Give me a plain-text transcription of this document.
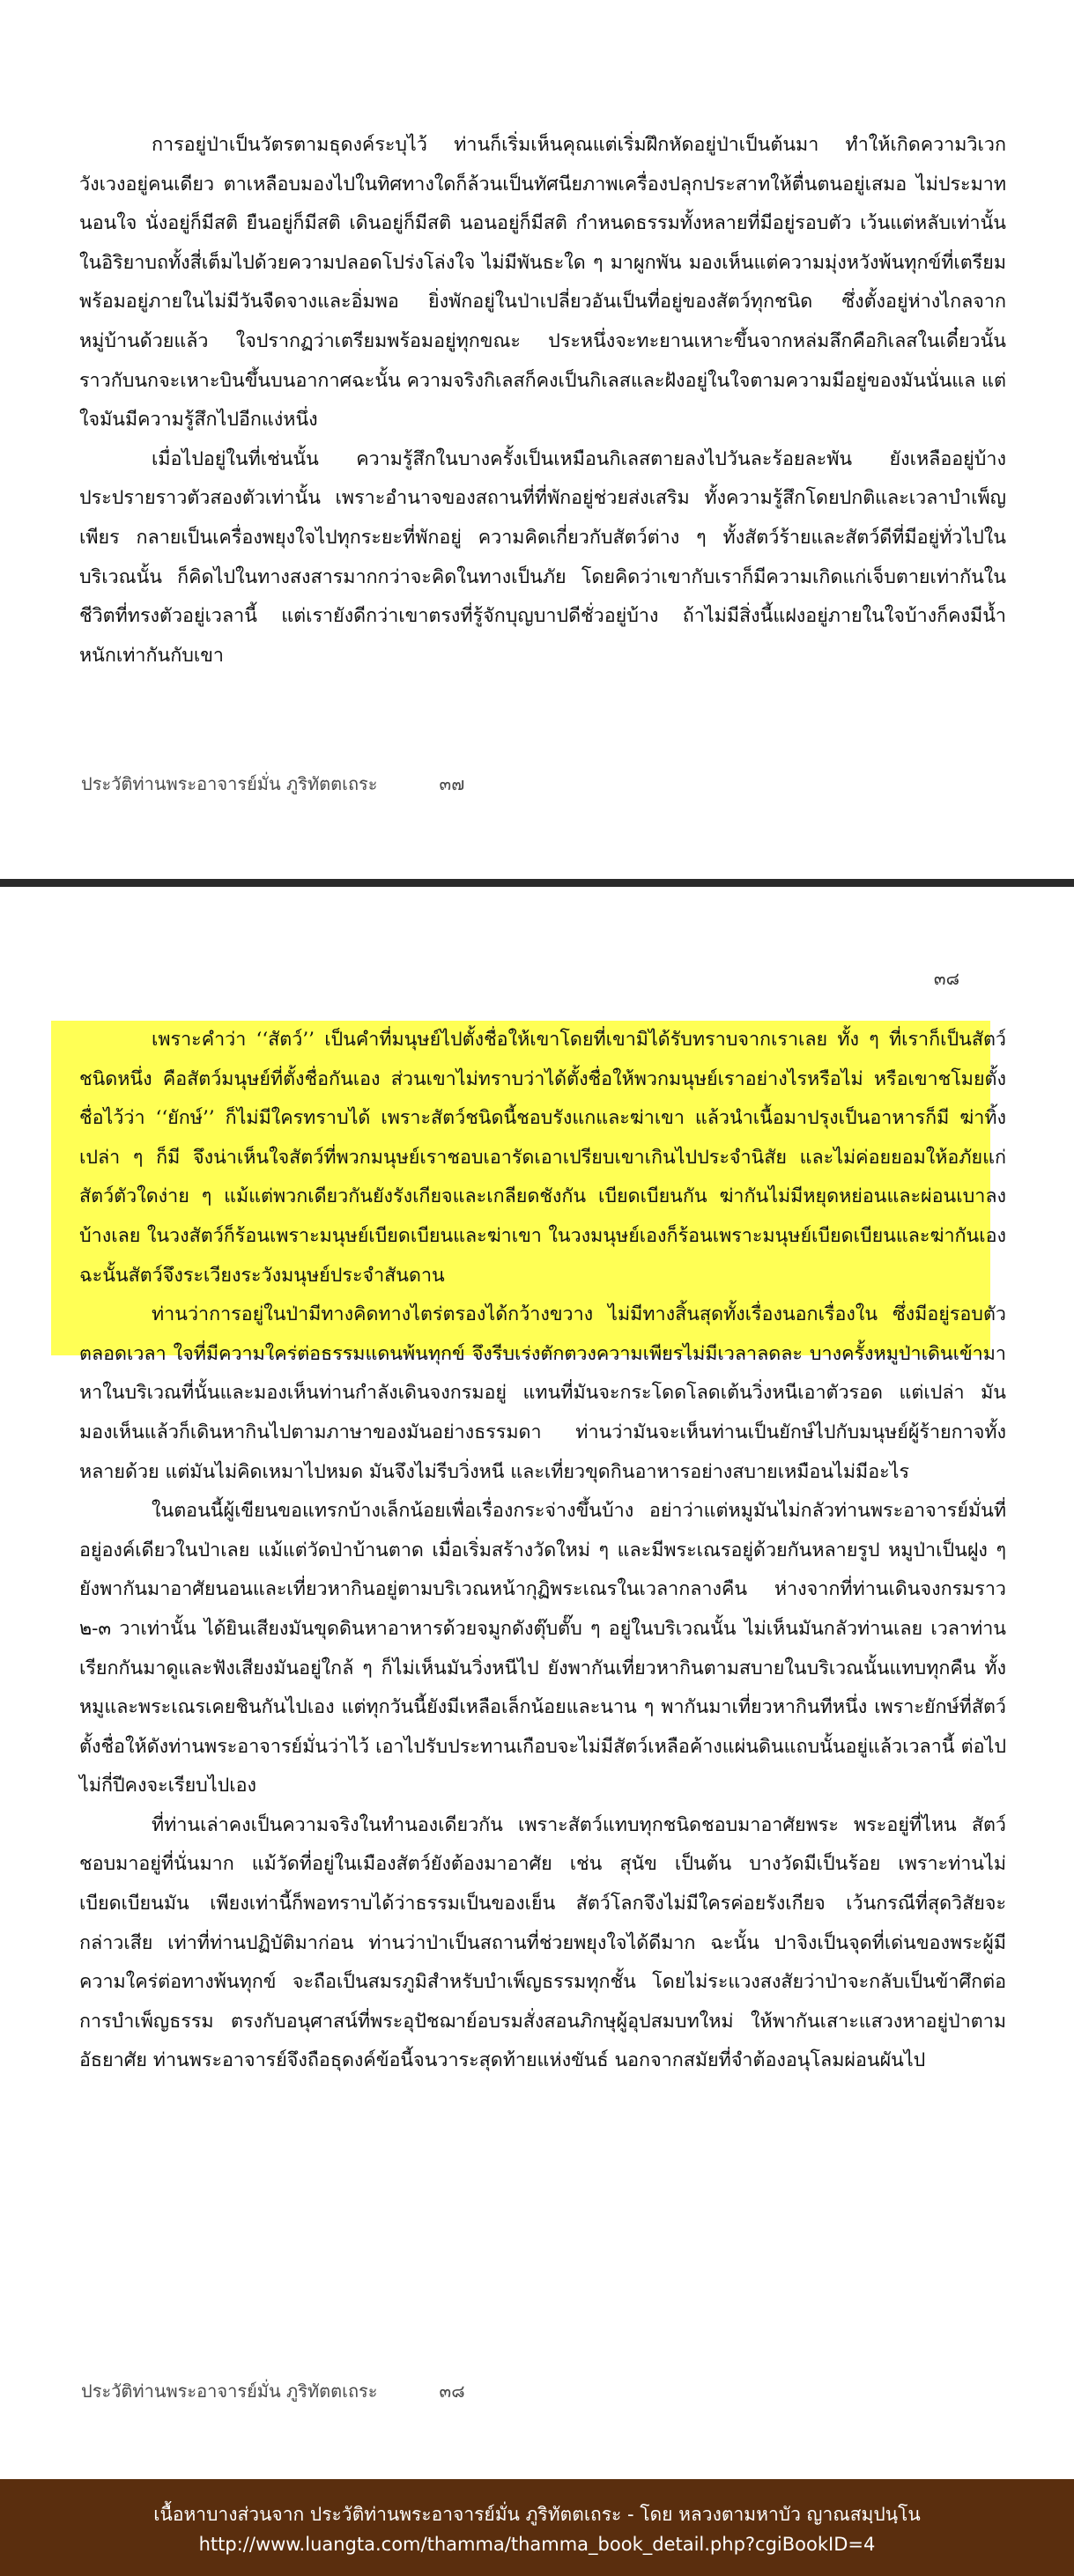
การอยู่ป่าเป็นวัตรตามธุดงค์ระบุไว้ ท่านก็เริ่มเห็นคุณแต่เริ่มฝึกหัดอยู่ป่าเป็นต้นมา ทำให้เกิดความวิเวกวังเวงอยู่คนเดียว ตาเหลือบมองไปในทิศทางใดก็ล้วนเป็นทัศนียภาพเครื่องปลุกประสาทให้ตื่นตนอยู่เสมอ ไม่ประมาทนอนใจ นั่งอยู่ก็มีสติ ยืนอยู่ก็มีสติ เดินอยู่ก็มีสติ นอนอยู่ก็มีสติ กำหนดธรรมทั้งหลายที่มีอยู่รอบตัว เว้นแต่หลับเท่านั้น ในอิริยาบถทั้งสี่เต็มไปด้วยความปลอดโปร่งโล่งใจ ไม่มีพันธะใด ๆ มาผูกพัน มองเห็นแต่ความมุ่งหวังพ้นทุกข์ที่เตรียมพร้อมอยู่ภายในไม่มีวันจืดจางและอิ่มพอ ยิ่งพักอยู่ในป่าเปลี่ยวอันเป็นที่อยู่ของสัตว์ทุกชนิด ซึ่งตั้งอยู่ห่างไกลจากหมู่บ้านด้วยแล้ว ใจปรากฏว่าเตรียมพร้อมอยู่ทุกขณะ ประหนึ่งจะทะยานเหาะขึ้นจากหล่มลึกคือกิเลสในเดี๋ยวนั้น ราวกับนกจะเหาะบินขึ้นบนอากาศฉะนั้น ความจริงกิเลสก็คงเป็นกิเลสและฝังอยู่ในใจตามความมีอยู่ของมันนั่นแล แต่ใจมันมีความรู้สึกไปอีกแง่หนึ่ง

เมื่อไปอยู่ในที่เช่นนั้น ความรู้สึกในบางครั้งเป็นเหมือนกิเลสตายลงไปวันละร้อยละพัน ยังเหลืออยู่บ้างประปรายราวตัวสองตัวเท่านั้น เพราะอำนาจของสถานที่ที่พักอยู่ช่วยส่งเสริม ทั้งความรู้สึกโดยปกติและเวลาบำเพ็ญเพียร กลายเป็นเครื่องพยุงใจไปทุกระยะที่พักอยู่ ความคิดเกี่ยวกับสัตว์ต่าง ๆ ทั้งสัตว์ร้ายและสัตว์ดีที่มีอยู่ทั่วไปในบริเวณนั้น ก็คิดไปในทางสงสารมากกว่าจะคิดในทางเป็นภัย โดยคิดว่าเขากับเราก็มีความเกิดแก่เจ็บตายเท่ากันในชีวิตที่ทรงตัวอยู่เวลานี้ แต่เรายังดีกว่าเขาตรงที่รู้จักบุญบาปดีชั่วอยู่บ้าง ถ้าไม่มีสิ่งนี้แฝงอยู่ภายในใจบ้างก็คงมีน้ำหนักเท่ากันกับเขา

ประวัติท่านพระอาจารย์มั่น ภูริทัตตเถระ	๓๗
๓๘

เพราะคำว่า ‘‘สัตว์’’ เป็นคำที่มนุษย์ไปตั้งชื่อให้เขาโดยที่เขามิได้รับทราบจากเราเลย ทั้ง ๆ ที่เราก็เป็นสัตว์ชนิดหนึ่ง คือสัตว์มนุษย์ที่ตั้งชื่อกันเอง ส่วนเขาไม่ทราบว่าได้ตั้งชื่อให้พวกมนุษย์เราอย่างไรหรือไม่ หรือเขาชโมยตั้งชื่อไว้ว่า ‘‘ยักษ์’’ ก็ไม่มีใครทราบได้ เพราะสัตว์ชนิดนี้ชอบรังแกและฆ่าเขา แล้วนำเนื้อมาปรุงเป็นอาหารก็มี ฆ่าทิ้งเปล่า ๆ ก็มี จึงน่าเห็นใจสัตว์ที่พวกมนุษย์เราชอบเอารัดเอาเปรียบเขาเกินไปประจำนิสัย และไม่ค่อยยอมให้อภัยแก่สัตว์ตัวใดง่าย ๆ แม้แต่พวกเดียวกันยังรังเกียจและเกลียดชังกัน เบียดเบียนกัน ฆ่ากันไม่มีหยุดหย่อนและผ่อนเบาลงบ้างเลย ในวงสัตว์ก็ร้อนเพราะมนุษย์เบียดเบียนและฆ่าเขา ในวงมนุษย์เองก็ร้อนเพราะมนุษย์เบียดเบียนและฆ่ากันเอง ฉะนั้นสัตว์จึงระเวียงระวังมนุษย์ประจำสันดาน

ท่านว่าการอยู่ในป่ามีทางคิดทางไตร่ตรองได้กว้างขวาง ไม่มีทางสิ้นสุดทั้งเรื่องนอกเรื่องใน ซึ่งมีอยู่รอบตัวตลอดเวลา ใจที่มีความใคร่ต่อธรรมแดนพ้นทุกข์ จึงรีบเร่งตักตวงความเพียรไม่มีเวลาลดละ บางครั้งหมูป่าเดินเข้ามาหาในบริเวณที่นั้นและมองเห็นท่านกำลังเดินจงกรมอยู่ แทนที่มันจะกระโดดโลดเต้นวิ่งหนีเอาตัวรอด แต่เปล่า มันมองเห็นแล้วก็เดินหากินไปตามภาษาของมันอย่างธรรมดา ท่านว่ามันจะเห็นท่านเป็นยักษ์ไปกับมนุษย์ผู้ร้ายกาจทั้งหลายด้วย แต่มันไม่คิดเหมาไปหมด มันจึงไม่รีบวิ่งหนี และเที่ยวขุดกินอาหารอย่างสบายเหมือนไม่มีอะไร

ในตอนนี้ผู้เขียนขอแทรกบ้างเล็กน้อยเพื่อเรื่องกระจ่างขึ้นบ้าง อย่าว่าแต่หมูมันไม่กลัวท่านพระอาจารย์มั่นที่อยู่องค์เดียวในป่าเลย แม้แต่วัดป่าบ้านตาด เมื่อเริ่มสร้างวัดใหม่ ๆ และมีพระเณรอยู่ด้วยกันหลายรูป หมูป่าเป็นฝูง ๆ ยังพากันมาอาศัยนอนและเที่ยวหากินอยู่ตามบริเวณหน้ากุฏิพระเณรในเวลากลางคืน ห่างจากที่ท่านเดินจงกรมราว ๒-๓ วาเท่านั้น ได้ยินเสียงมันขุดดินหาอาหารด้วยจมูกดังตุ๊บตั๊บ ๆ อยู่ในบริเวณนั้น ไม่เห็นมันกลัวท่านเลย เวลาท่านเรียกกันมาดูและฟังเสียงมันอยู่ใกล้ ๆ ก็ไม่เห็นมันวิ่งหนีไป ยังพากันเที่ยวหากินตามสบายในบริเวณนั้นแทบทุกคืน ทั้งหมูและพระเณรเคยชินกันไปเอง แต่ทุกวันนี้ยังมีเหลือเล็กน้อยและนาน ๆ พากันมาเที่ยวหากินทีหนึ่ง เพราะยักษ์ที่สัตว์ตั้งชื่อให้ดังท่านพระอาจารย์มั่นว่าไว้ เอาไปรับประทานเกือบจะไม่มีสัตว์เหลือค้างแผ่นดินแถบนั้นอยู่แล้วเวลานี้ ต่อไปไม่กี่ปีคงจะเรียบไปเอง

ที่ท่านเล่าคงเป็นความจริงในทำนองเดียวกัน เพราะสัตว์แทบทุกชนิดชอบมาอาศัยพระ พระอยู่ที่ไหน สัตว์ชอบมาอยู่ที่นั่นมาก แม้วัดที่อยู่ในเมืองสัตว์ยังต้องมาอาศัย เช่น สุนัข เป็นต้น บางวัดมีเป็นร้อย เพราะท่านไม่เบียดเบียนมัน เพียงเท่านี้ก็พอทราบได้ว่าธรรมเป็นของเย็น สัตว์โลกจึงไม่มีใครค่อยรังเกียจ เว้นกรณีที่สุดวิสัยจะกล่าวเสีย เท่าที่ท่านปฏิบัติมาก่อน ท่านว่าป่าเป็นสถานที่ช่วยพยุงใจได้ดีมาก ฉะนั้น ปาจิงเป็นจุดที่เด่นของพระผู้มีความใคร่ต่อทางพ้นทุกข์ จะถือเป็นสมรภูมิสำหรับบำเพ็ญธรรมทุกชั้น โดยไม่ระแวงสงสัยว่าป่าจะกลับเป็นข้าศึกต่อการบำเพ็ญธรรม ตรงกับอนุศาสน์ที่พระอุปัชฌาย์อบรมสั่งสอนภิกษุผู้อุปสมบทใหม่ ให้พากันเสาะแสวงหาอยู่ป่าตามอัธยาศัย ท่านพระอาจารย์จึงถือธุดงค์ข้อนี้จนวาระสุดท้ายแห่งขันธ์ นอกจากสมัยที่จำต้องอนุโลมผ่อนผันไป

ประวัติท่านพระอาจารย์มั่น ภูริทัตตเถระ	๓๘
เนื้อหาบางส่วนจาก ประวัติท่านพระอาจารย์มั่น ภูริทัตตเถระ - โดย หลวงตามหาบัว ญาณสมฺปนฺโน
http://www.luangta.com/thamma/thamma_book_detail.php?cgiBookID=4
